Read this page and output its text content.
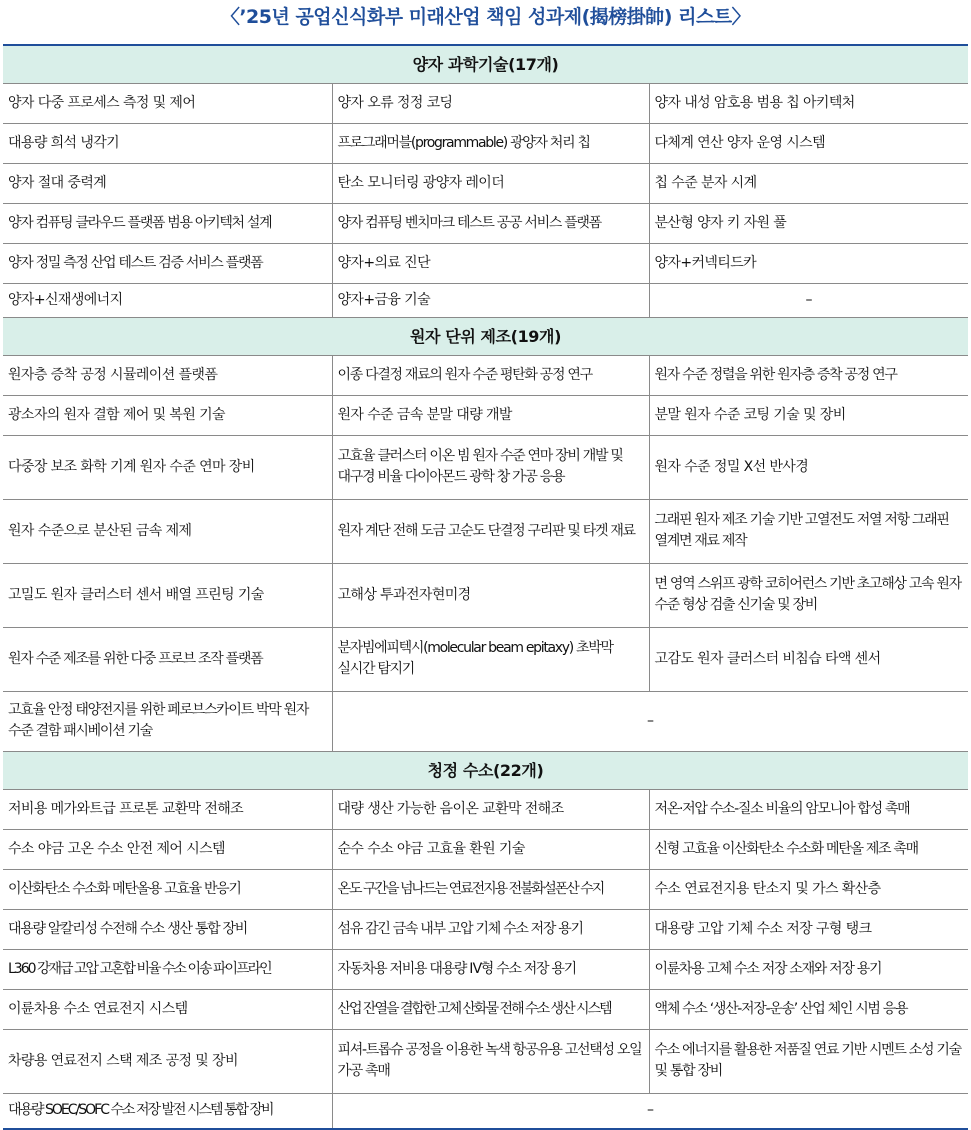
〈’25년 공업신식화부 미래산업 책임 성과제(揭榜掛帥) 리스트〉
양자 과학기술(17개)		
양자 다중 프로세스 측정 및 제어	양자 오류 정정 코딩	양자 내성 암호용 범용 칩 아키텍처
대용량 희석 냉각기	프로그래머블(programmable) 광양자 처리 칩	다체계 연산 양자 운영 시스템
양자 절대 중력계	탄소 모니터링 광양자 레이더	칩 수준 분자 시계
양자 컴퓨팅 클라우드 플랫폼 범용 아키텍처 설계	양자 컴퓨팅 벤치마크 테스트 공공 서비스 플랫폼	분산형 양자 키 자원 풀
양자 정밀 측정 산업 테스트 검증 서비스 플랫폼	양자+의료 진단	양자+커넥티드카
양자+신재생에너지	양자+금융 기술	–
원자 단위 제조(19개)		
원자층 증착 공정 시뮬레이션 플랫폼	이종 다결정 재료의 원자 수준 평탄화 공정 연구	원자 수준 정렬을 위한 원자층 증착 공정 연구
광소자의 원자 결함 제어 및 복원 기술	원자 수준 금속 분말 대량 개발	분말 원자 수준 코팅 기술 및 장비
다중장 보조 화학 기계 원자 수준 연마 장비	고효율 클러스터 이온 빔 원자 수준 연마 장비 개발 및 대구경 비율 다이아몬드 광학 창 가공 응용	원자 수준 정밀 X선 반사경
원자 수준으로 분산된 금속 제제	원자 계단 전해 도금 고순도 단결정 구리판 및 타겟 재료	그래핀 원자 제조 기술 기반 고열전도 저열 저항 그래핀 열계면 재료 제작
고밀도 원자 클러스터 센서 배열 프린팅 기술	고해상 투과전자현미경	면 영역 스위프 광학 코히어런스 기반 초고해상 고속 원자 수준 형상 검출 신기술 및 장비
원자 수준 제조를 위한 다중 프로브 조작 플랫폼	분자빔에피텍시(molecular beam epitaxy) 초박막 실시간 탐지기	고감도 원자 클러스터 비침습 타액 센서
고효율 안정 태양전지를 위한 페로브스카이트 박막 원자 수준 결함 패시베이션 기술	–	
청정 수소(22개)		
저비용 메가와트급 프로톤 교환막 전해조	대량 생산 가능한 음이온 교환막 전해조	저온·저압 수소-질소 비율의 암모니아 합성 촉매
수소 야금 고온 수소 안전 제어 시스템	순수 수소 야금 고효율 환원 기술	신형 고효율 이산화탄소 수소화 메탄올 제조 촉매
이산화탄소 수소화 메탄올용 고효율 반응기	온도 구간을 넘나드는 연료전지용 전불화설폰산 수지	수소 연료전지용 탄소지 및 가스 확산층
대용량 알칼리성 수전해 수소 생산 통합 장비	섬유 감긴 금속 내부 고압 기체 수소 저장 용기	대용량 고압 기체 수소 저장 구형 탱크
L360 강재급 고압 고혼합 비율 수소 이송 파이프라인	자동차용 저비용 대용량 Ⅳ형 수소 저장 용기	이륜차용 고체 수소 저장 소재와 저장 용기
이륜차용 수소 연료전지 시스템	산업 잔열을 결합한 고체 산화물 전해 수소 생산 시스템	액체 수소 ‘생산-저장-운송’ 산업 체인 시범 응용
차량용 연료전지 스택 제조 공정 및 장비	피셔-트롭슈 공정을 이용한 녹색 항공유용 고선택성 오일 가공 촉매	수소 에너지를 활용한 저품질 연료 기반 시멘트 소성 기술 및 통합 장비
대용량 SOEC/SOFC 수소 저장 발전 시스템 통합 장비	–	
